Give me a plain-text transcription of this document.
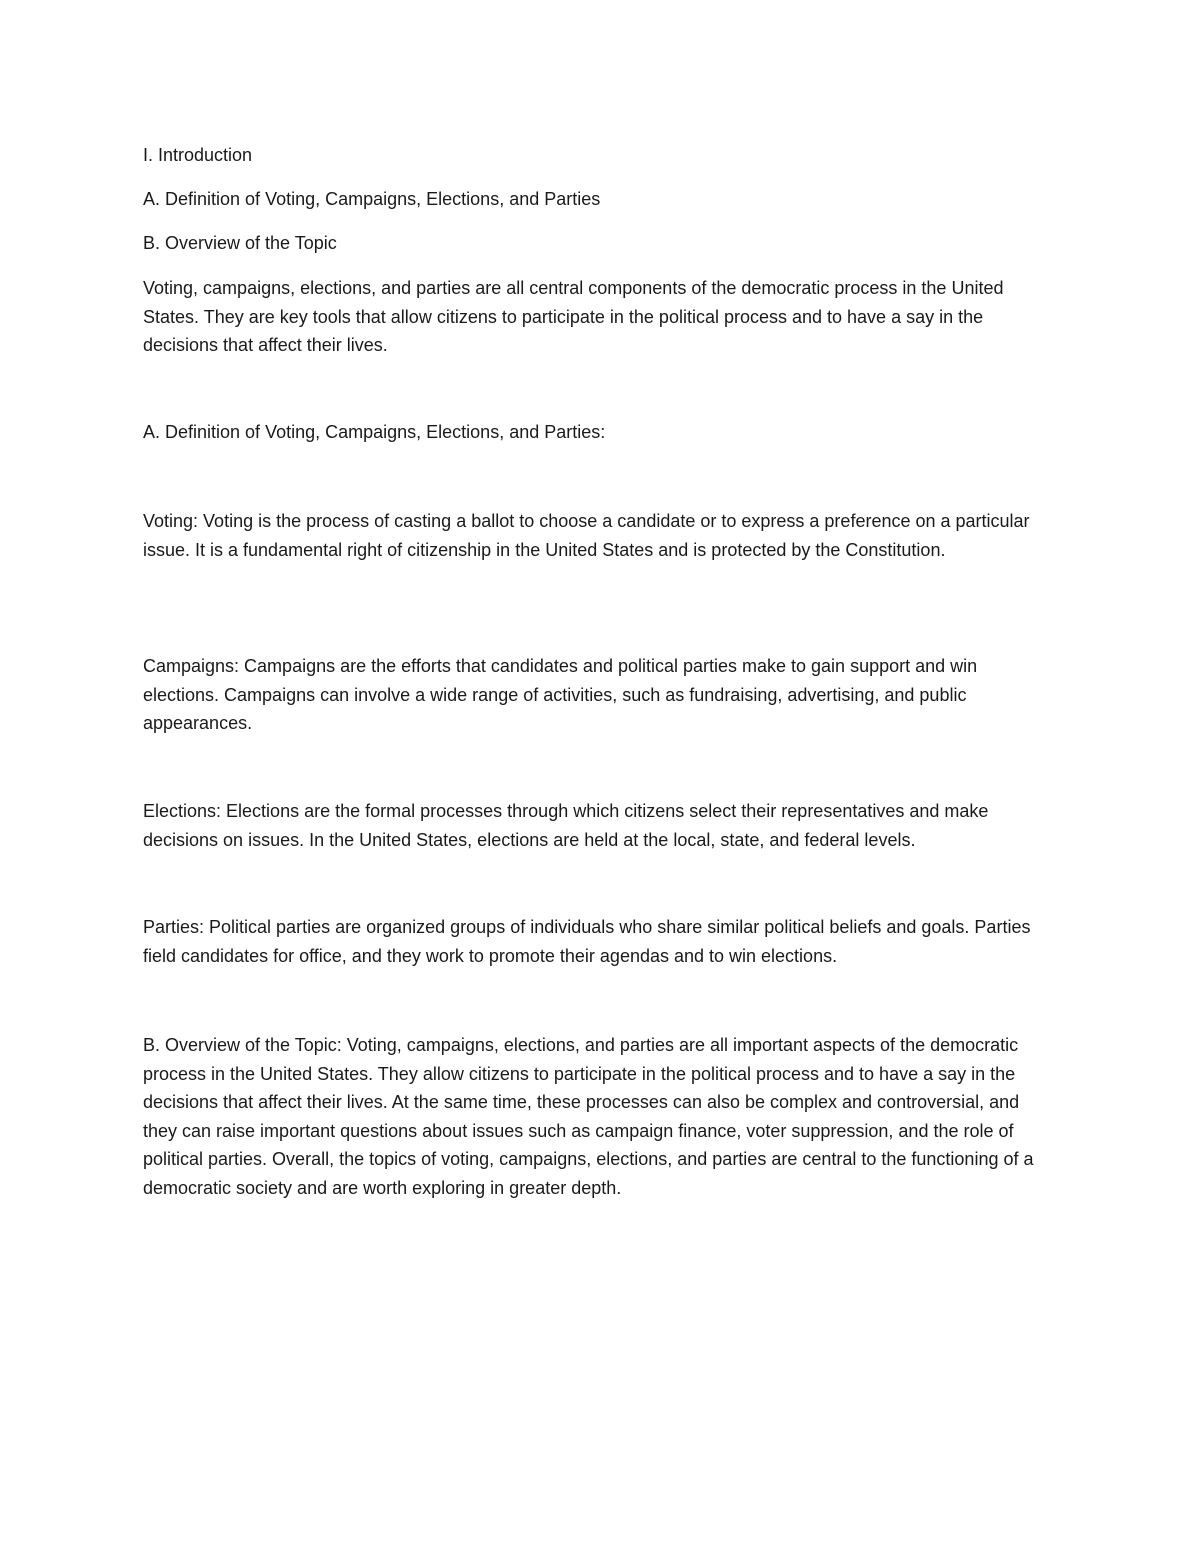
I. Introduction

A. Definition of Voting, Campaigns, Elections, and Parties

B. Overview of the Topic

Voting, campaigns, elections, and parties are all central components of the democratic process in the United States. They are key tools that allow citizens to participate in the political process and to have a say in the decisions that affect their lives.

A. Definition of Voting, Campaigns, Elections, and Parties:

Voting: Voting is the process of casting a ballot to choose a candidate or to express a preference on a particular issue. It is a fundamental right of citizenship in the United States and is protected by the Constitution.

Campaigns: Campaigns are the efforts that candidates and political parties make to gain support and win elections. Campaigns can involve a wide range of activities, such as fundraising, advertising, and public appearances.

Elections: Elections are the formal processes through which citizens select their representatives and make decisions on issues. In the United States, elections are held at the local, state, and federal levels.

Parties: Political parties are organized groups of individuals who share similar political beliefs and goals. Parties field candidates for office, and they work to promote their agendas and to win elections.

B. Overview of the Topic: Voting, campaigns, elections, and parties are all important aspects of the democratic process in the United States. They allow citizens to participate in the political process and to have a say in the decisions that affect their lives. At the same time, these processes can also be complex and controversial, and they can raise important questions about issues such as campaign finance, voter suppression, and the role of political parties. Overall, the topics of voting, campaigns, elections, and parties are central to the functioning of a democratic society and are worth exploring in greater depth.
